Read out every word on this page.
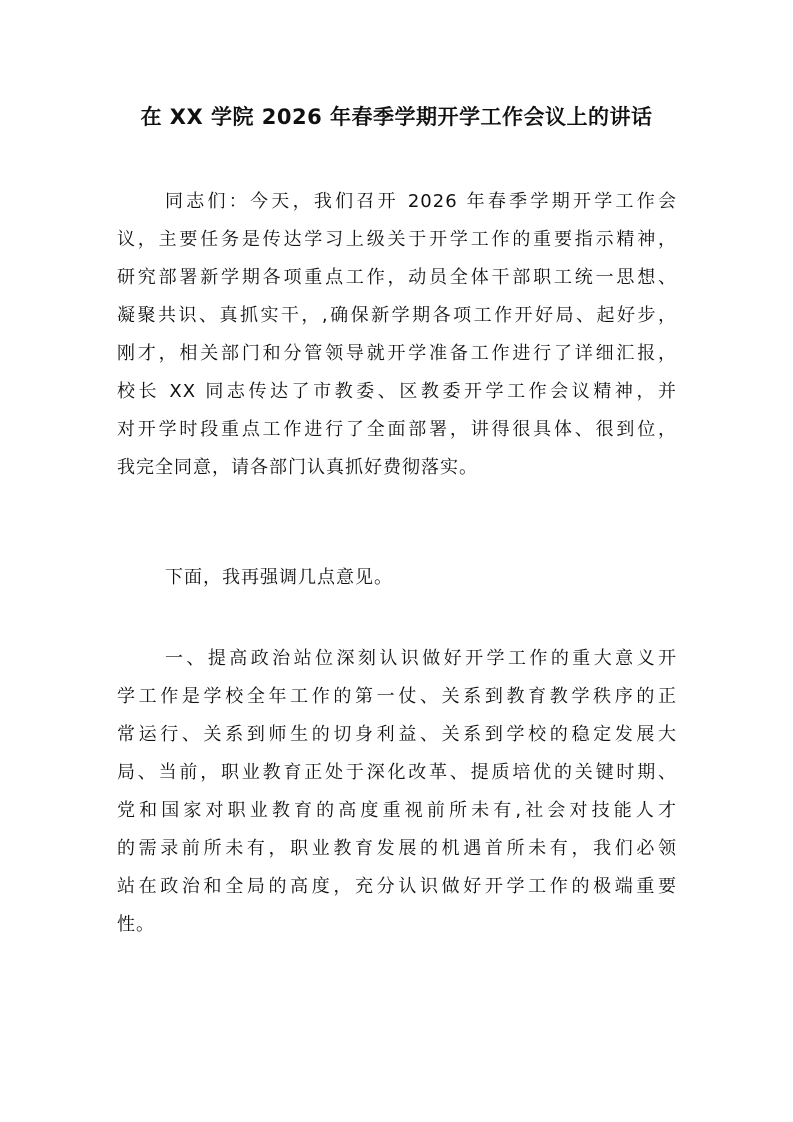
在 XX 学院 2026 年春季学期开学工作会议上的讲话

同志们：今天，我们召开 2026 年春季学期开学工作会

议，主要任务是传达学习上级关于开学工作的重要指示精神，

研究部署新学期各项重点工作，动员全体干部职工统一思想、

凝聚共识、真抓实干，,确保新学期各项工作开好局、起好步，

刚才，相关部门和分管领导就开学准备工作进行了详细汇报，

校长 XX 同志传达了市教委、区教委开学工作会议精神，并

对开学时段重点工作进行了全面部署，讲得很具体、很到位，

我完全同意，请各部门认真抓好费彻落实。

下面，我再强调几点意见。

一、提高政治站位深刻认识做好开学工作的重大意义开

学工作是学校全年工作的第一仗、关系到教育教学秩序的正

常运行、关系到师生的切身利益、关系到学校的稳定发展大

局、当前，职业教育正处于深化改革、提质培优的关键时期、

党和国家对职业教育的高度重视前所未有,社会对技能人才

的需录前所未有，职业教育发展的机遇首所未有，我们必领

站在政治和全局的高度，充分认识做好开学工作的极端重要

性。
